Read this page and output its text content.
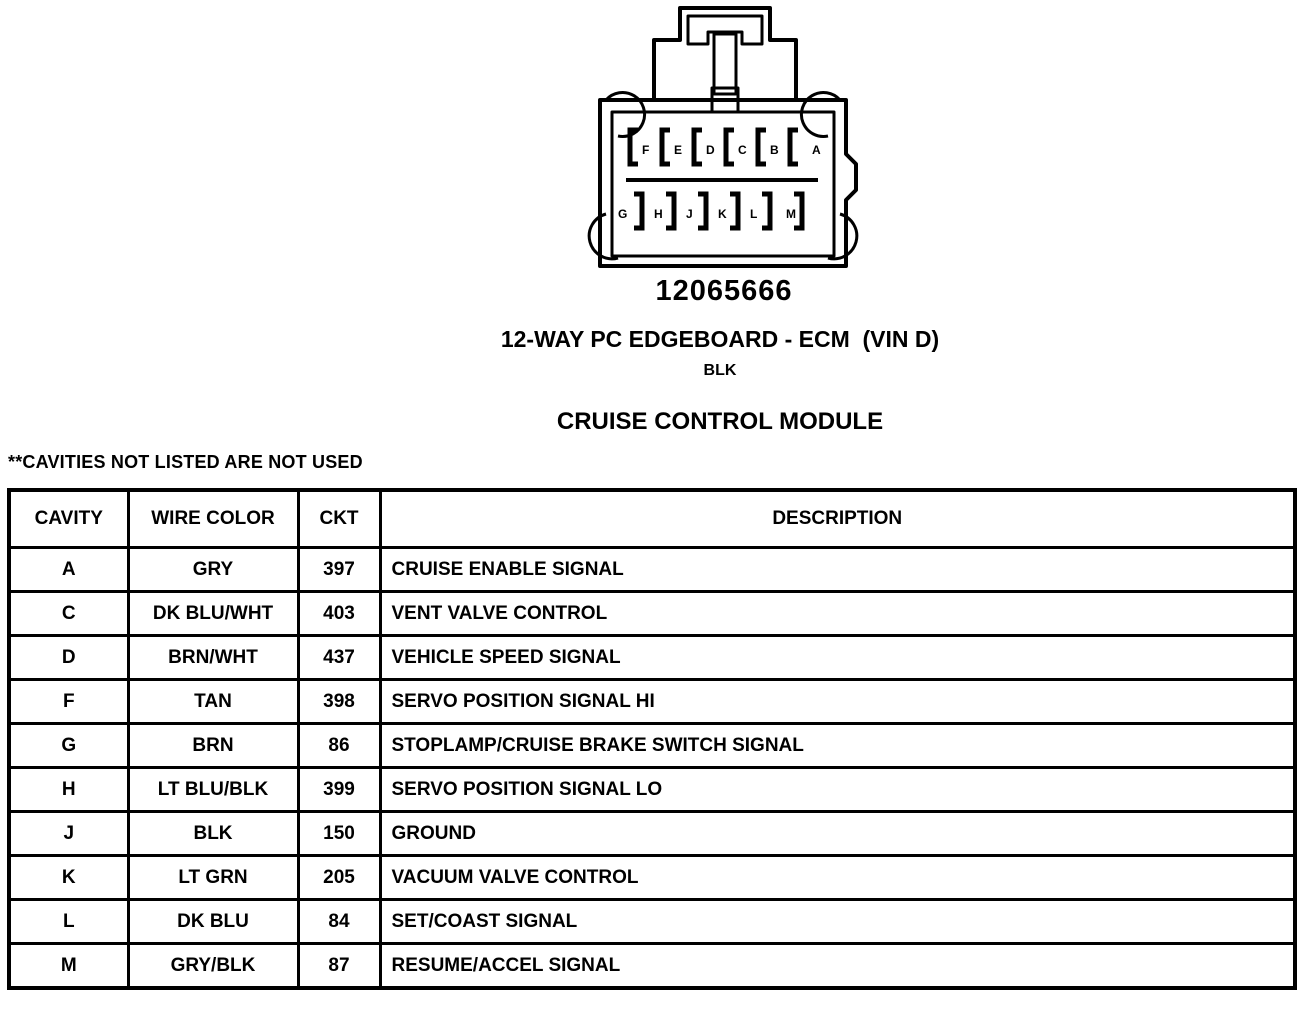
F E D C B	A
G H J K L M
12065666
12-WAY PC EDGEBOARD - ECM  (VIN D)
BLK
CRUISE CONTROL MODULE
**CAVITIES NOT LISTED ARE NOT USED
CAVITY	WIRE COLOR	CKT	DESCRIPTION
A	GRY	397	CRUISE ENABLE SIGNAL
C	DK BLU/WHT	403	VENT VALVE CONTROL
D	BRN/WHT	437	VEHICLE SPEED SIGNAL
F	TAN	398	SERVO POSITION SIGNAL HI
G	BRN	86	STOPLAMP/CRUISE BRAKE SWITCH SIGNAL
H	LT BLU/BLK	399	SERVO POSITION SIGNAL LO
J	BLK	150	GROUND
K	LT GRN	205	VACUUM VALVE CONTROL
L	DK BLU	84	SET/COAST SIGNAL
M	GRY/BLK	87	RESUME/ACCEL SIGNAL
